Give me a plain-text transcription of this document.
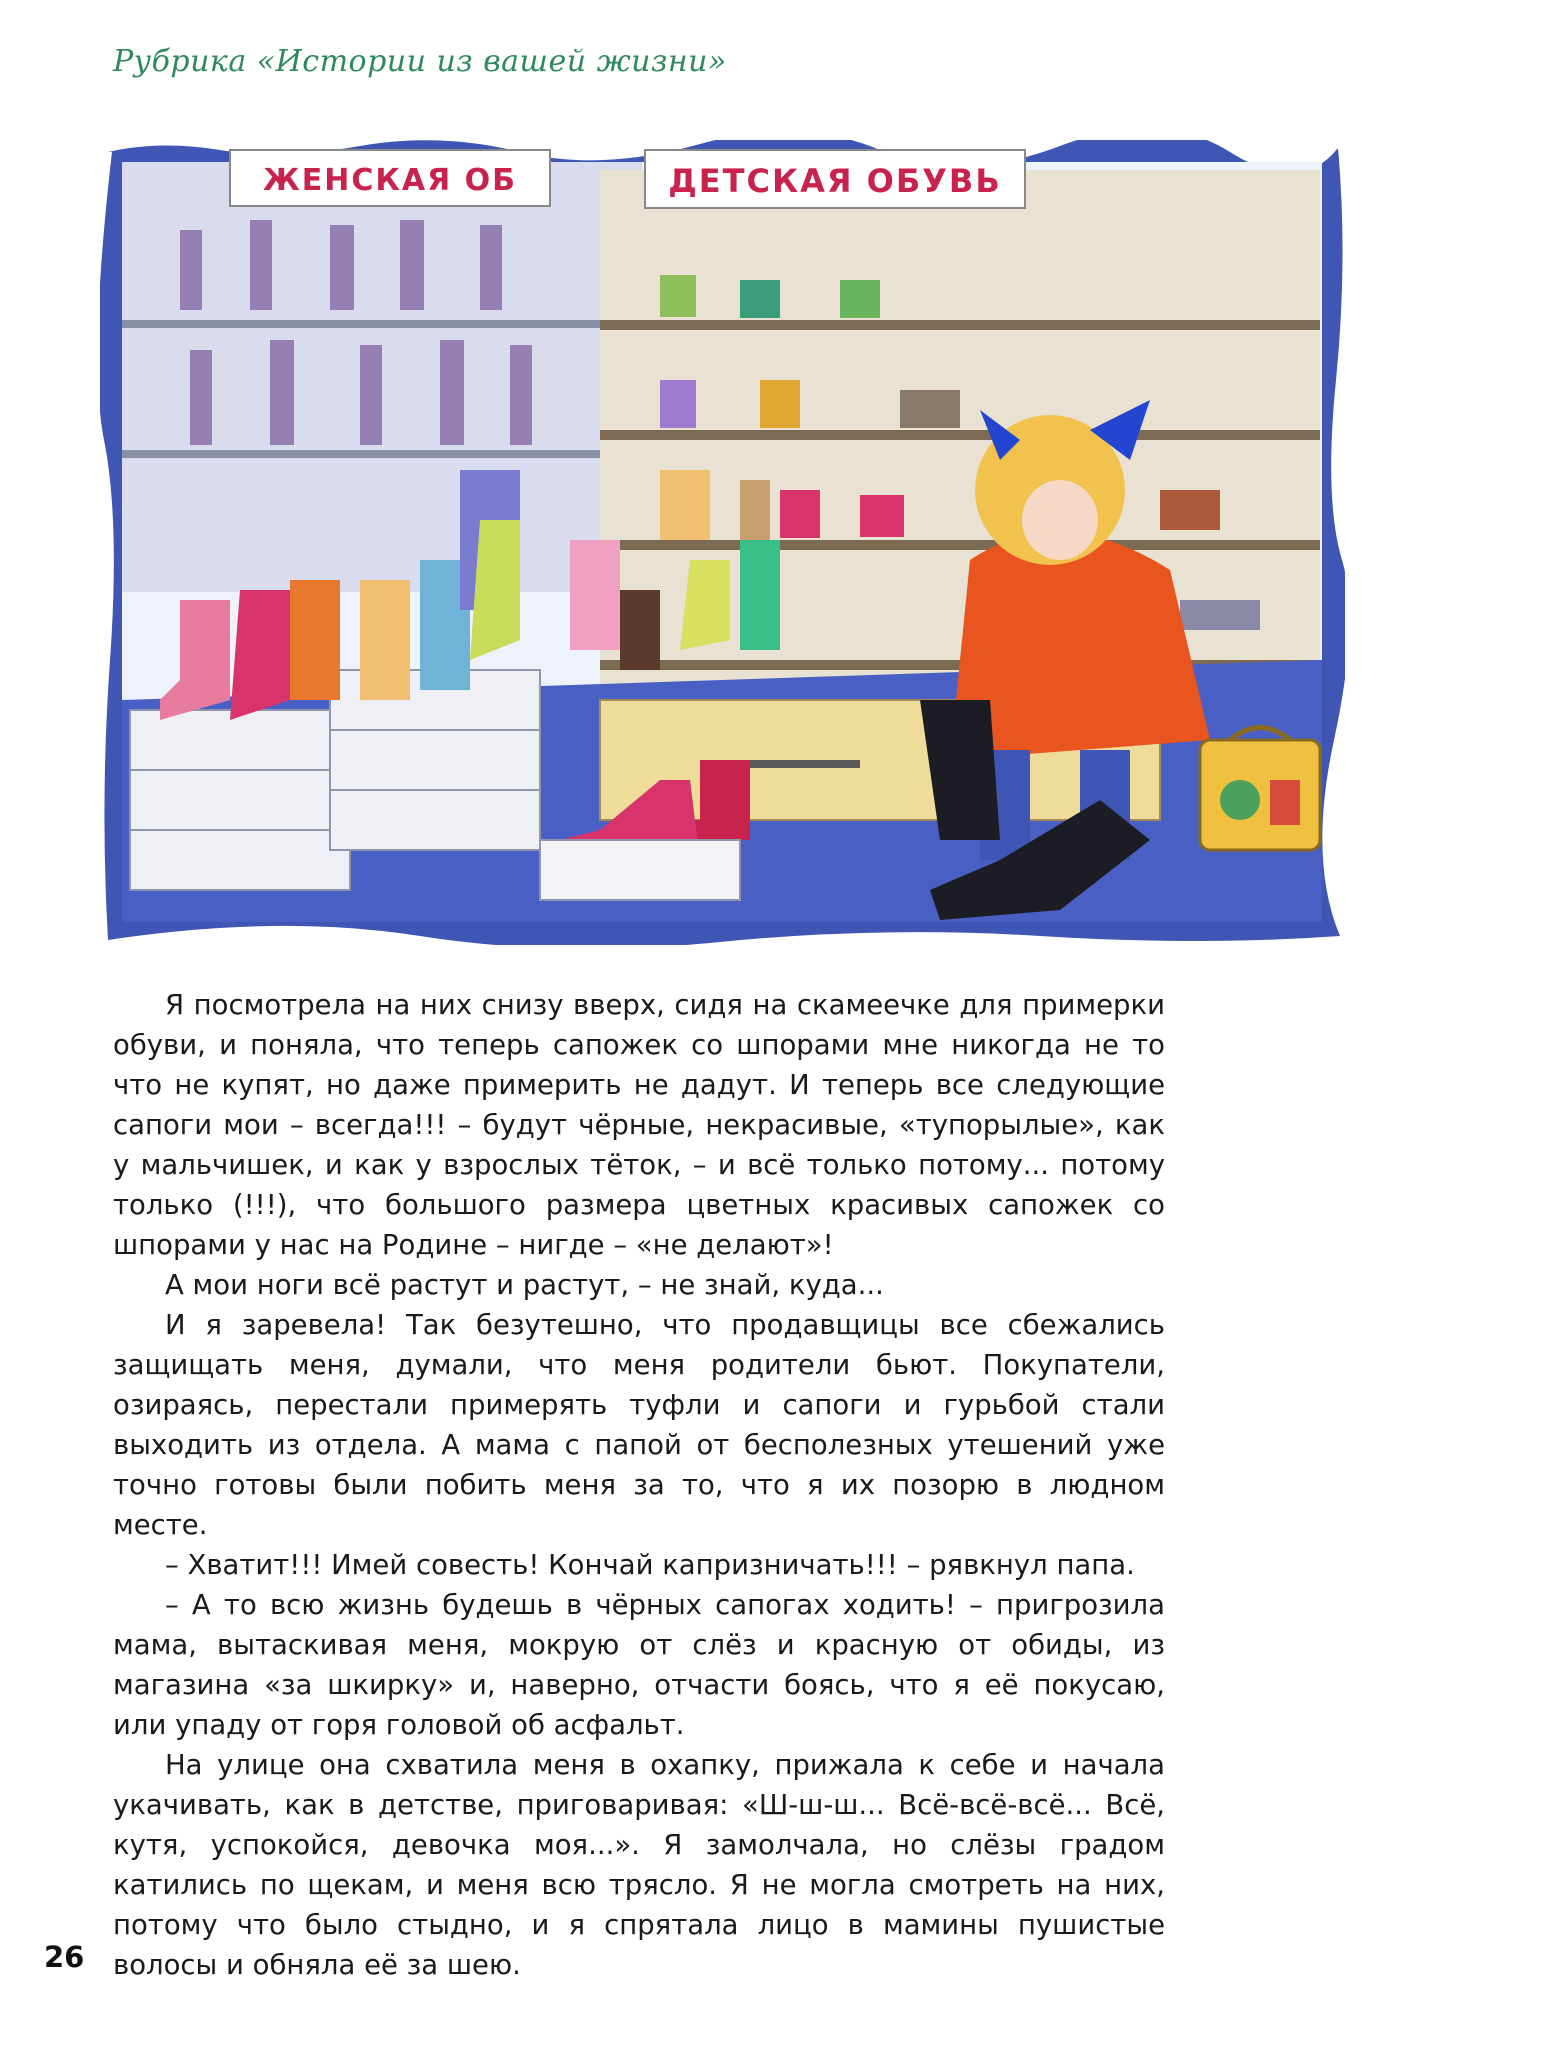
Рубрика «Истории из вашей жизни»
ЖЕНСКАЯ ОБ	ДЕТСКАЯ ОБУВЬ

Я посмотрела на них снизу вверх, сидя на скамеечке для примерки обуви, и поняла, что теперь сапожек со шпорами мне никогда не то что не купят, но даже примерить не дадут. И теперь все следующие сапоги мои – всегда!!! – будут чёрные, некрасивые, «тупорылые», как у мальчишек, и как у взрослых тёток, – и всё только потому... потому только (!!!), что большого размера цветных красивых сапожек со шпорами у нас на Родине – нигде – «не делают»!

А мои ноги всё растут и растут, – не знай, куда...

И я заревела! Так безутешно, что продавщицы все сбежались защищать меня, думали, что меня родители бьют. Покупатели, озираясь, перестали примерять туфли и сапоги и гурьбой стали выходить из отдела. А мама с папой от бесполезных утешений уже точно готовы были побить меня за то, что я их позорю в людном месте.

– Хватит!!! Имей совесть! Кончай капризничать!!! – рявкнул папа.

– А то всю жизнь будешь в чёрных сапогах ходить! – пригрозила мама, вытаскивая меня, мокрую от слёз и красную от обиды, из магазина «за шкирку» и, наверно, отчасти боясь, что я её покусаю, или упаду от горя головой об асфальт.

На улице она схватила меня в охапку, прижала к себе и начала укачивать, как в детстве, приговаривая: «Ш-ш-ш... Всё-всё-всё... Всё, кутя, успокойся, девочка моя...». Я замолчала, но слёзы градом катились по щекам, и меня всю трясло. Я не могла смотреть на них, потому что было стыдно, и я спрятала лицо в мамины пушистые волосы и обняла её за шею.

26
